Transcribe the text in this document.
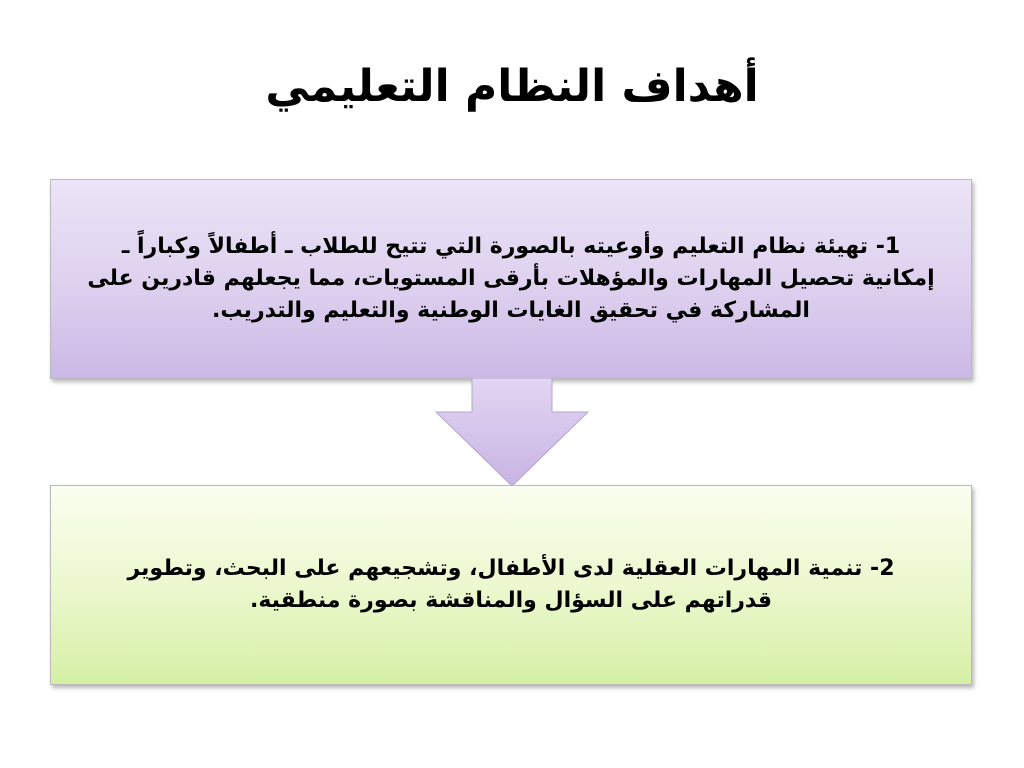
أهداف النظام التعليمي
1- تهيئة نظام التعليم وأوعيته بالصورة التي تتيح للطلاب ـ أطفالاً وكباراً ـ إمكانية تحصيل المهارات والمؤهلات بأرقى المستويات، مما يجعلهم قادرين على المشاركة في تحقيق الغايات الوطنية والتعليم والتدريب.
2- تنمية المهارات العقلية لدى الأطفال، وتشجيعهم على البحث، وتطوير قدراتهم على السؤال والمناقشة بصورة منطقية.
